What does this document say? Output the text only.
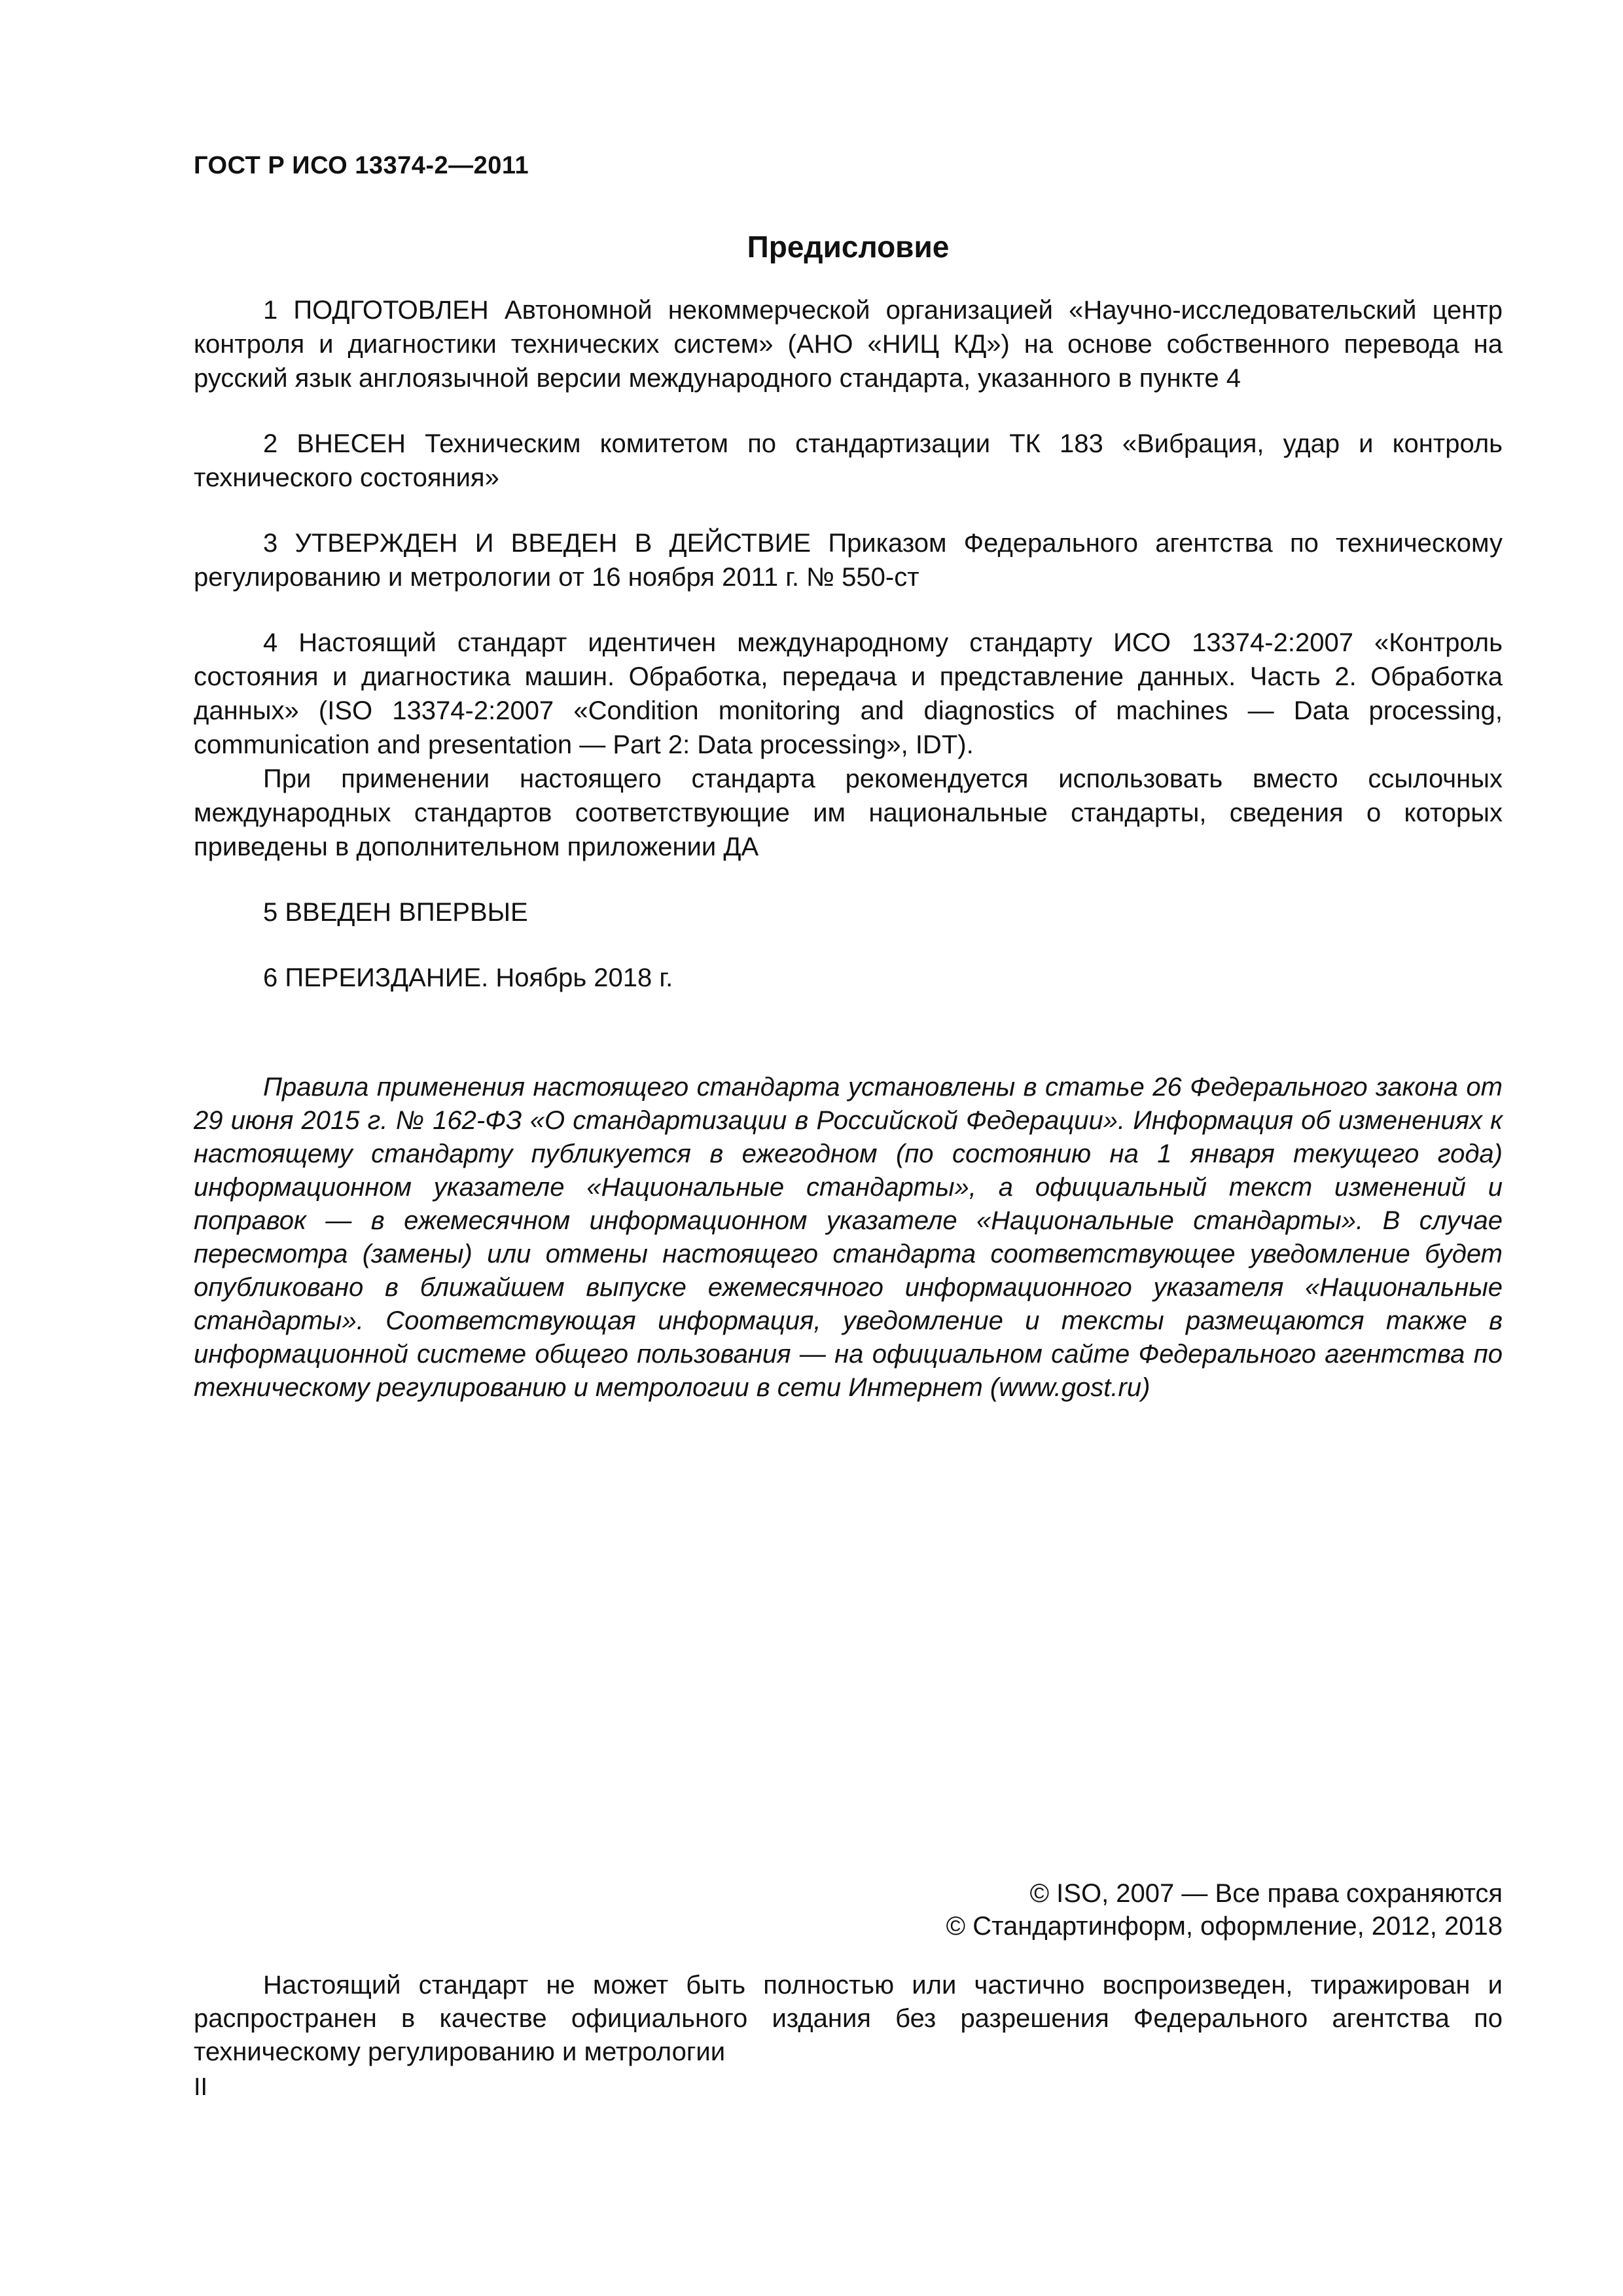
ГОСТ Р ИСО 13374-2—2011
Предисловие

1 ПОДГОТОВЛЕН Автономной некоммерческой организацией «Научно-исследовательский центр контроля и диагностики технических систем» (АНО «НИЦ КД») на основе собственного перевода на русский язык англоязычной версии международного стандарта, указанного в пункте 4

2 ВНЕСЕН Техническим комитетом по стандартизации ТК 183 «Вибрация, удар и контроль технического состояния»

3 УТВЕРЖДЕН И ВВЕДЕН В ДЕЙСТВИЕ Приказом Федерального агентства по техническому регулированию и метрологии от 16 ноября 2011 г. № 550-ст

4 Настоящий стандарт идентичен международному стандарту ИСО 13374-2:2007 «Контроль состояния и диагностика машин. Обработка, передача и представление данных. Часть 2. Обработка данных» (ISO 13374-2:2007 «Condition monitoring and diagnostics of machines — Data processing, communication and presentation — Part 2: Data processing», IDT).

При применении настоящего стандарта рекомендуется использовать вместо ссылочных международных стандартов соответствующие им национальные стандарты, сведения о которых приведены в дополнительном приложении ДА

5 ВВЕДЕН ВПЕРВЫЕ

6 ПЕРЕИЗДАНИЕ. Ноябрь 2018 г.

Правила применения настоящего стандарта установлены в статье 26 Федерального закона от 29 июня 2015 г. № 162-ФЗ «О стандартизации в Российской Федерации». Информация об изменениях к настоящему стандарту публикуется в ежегодном (по состоянию на 1 января текущего года) информационном указателе «Национальные стандарты», а официальный текст изменений и поправок — в ежемесячном информационном указателе «Национальные стандарты». В случае пересмотра (замены) или отмены настоящего стандарта соответствующее уведомление будет опубликовано в ближайшем выпуске ежемесячного информационного указателя «Национальные стандарты». Соответствующая информация, уведомление и тексты размещаются также в информационной системе общего пользования — на официальном сайте Федерального агентства по техническому регулированию и метрологии в сети Интернет (www.gost.ru)

© ISO, 2007 — Все права сохраняются
© Стандартинформ, оформление, 2012, 2018

Настоящий стандарт не может быть полностью или частично воспроизведен, тиражирован и распространен в качестве официального издания без разрешения Федерального агентства по техническому регулированию и метрологии

II
